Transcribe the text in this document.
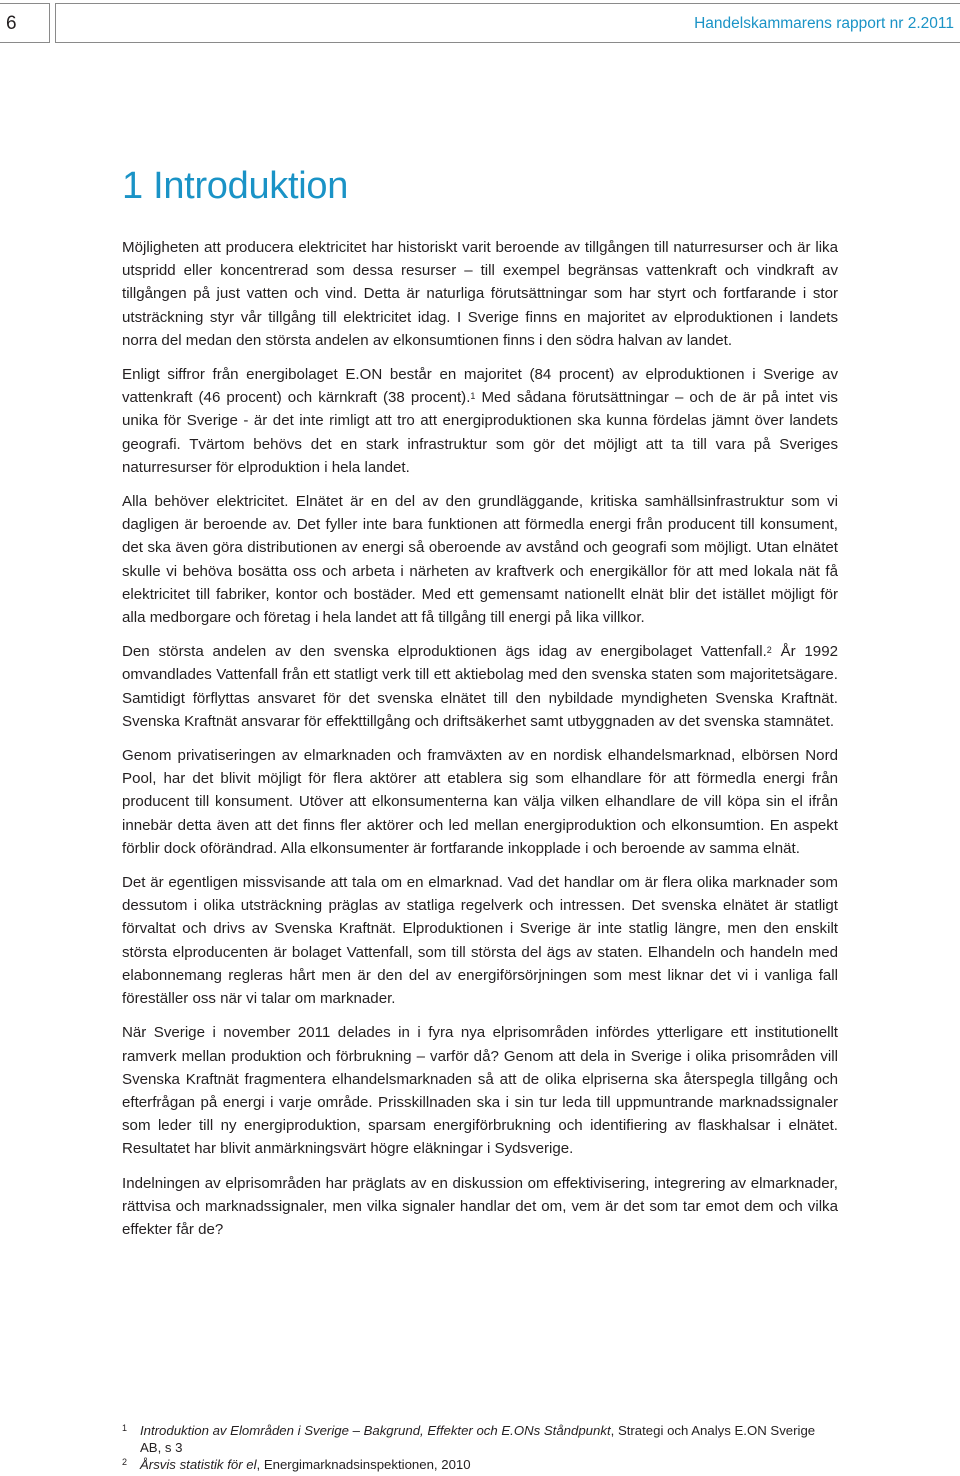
6	Handelskammarens rapport nr 2.2011
1 Introduktion

Möjligheten att producera elektricitet har historiskt varit beroende av tillgången till naturresurser och är lika utspridd eller koncentrerad som dessa resurser – till exempel begränsas vattenkraft och vindkraft av tillgången på just vatten och vind. Detta är naturliga förutsättningar som har styrt och fortfarande i stor utsträckning styr vår tillgång till elektricitet idag. I Sverige finns en majoritet av elproduktionen i landets norra del medan den största andelen av elkonsumtionen finns i den södra halvan av landet.

Enligt siffror från energibolaget E.ON består en majoritet (84 procent) av elproduktionen i Sverige av vattenkraft (46 procent) och kärnkraft (38 procent).$^1$ Med sådana förutsättningar – och de är på intet vis unika för Sverige - är det inte rimligt att tro att energiproduktionen ska kunna fördelas jämnt över landets geografi. Tvärtom behövs det en stark infrastruktur som gör det möjligt att ta till vara på Sveriges naturresurser för elproduktion i hela landet.

Alla behöver elektricitet. Elnätet är en del av den grundläggande, kritiska samhällsinfrastruktur som vi dagligen är beroende av. Det fyller inte bara funktionen att förmedla energi från producent till konsument, det ska även göra distributionen av energi så oberoende av avstånd och geografi som möjligt. Utan elnätet skulle vi behöva bosätta oss och arbeta i närheten av kraftverk och energikällor för att med lokala nät få elektricitet till fabriker, kontor och bostäder. Med ett gemensamt nationellt elnät blir det istället möjligt för alla medborgare och företag i hela landet att få tillgång till energi på lika villkor.

Den största andelen av den svenska elproduktionen ägs idag av energibolaget Vattenfall.$^2$ År 1992 omvandlades Vattenfall från ett statligt verk till ett aktiebolag med den svenska staten som majoritetsägare. Samtidigt förflyttas ansvaret för det svenska elnätet till den nybildade myndigheten Svenska Kraftnät. Svenska Kraftnät ansvarar för effekttillgång och driftsäkerhet samt utbyggnaden av det svenska stamnätet.

Genom privatiseringen av elmarknaden och framväxten av en nordisk elhandelsmarknad, elbörsen Nord Pool, har det blivit möjligt för flera aktörer att etablera sig som elhandlare för att förmedla energi från producent till konsument. Utöver att elkonsumenterna kan välja vilken elhandlare de vill köpa sin el ifrån innebär detta även att det finns fler aktörer och led mellan energiproduktion och elkonsumtion. En aspekt förblir dock oförändrad. Alla elkonsumenter är fortfarande inkopplade i och beroende av samma elnät.

Det är egentligen missvisande att tala om en elmarknad. Vad det handlar om är flera olika marknader som dessutom i olika utsträckning präglas av statliga regelverk och intressen. Det svenska elnätet är statligt förvaltat och drivs av Svenska Kraftnät. Elproduktionen i Sverige är inte statlig längre, men den enskilt största elproducenten är bolaget Vattenfall, som till största del ägs av staten. Elhandeln och handeln med elabonnemang regleras hårt men är den del av energiförsörjningen som mest liknar det vi i vanliga fall föreställer oss när vi talar om marknader.

När Sverige i november 2011 delades in i fyra nya elprisområden infördes ytterligare ett institutionellt ramverk mellan produktion och förbrukning – varför då? Genom att dela in Sverige i olika prisområden vill Svenska Kraftnät fragmentera elhandelsmarknaden så att de olika elpriserna ska återspegla tillgång och efterfrågan på energi i varje område. Prisskillnaden ska i sin tur leda till uppmuntrande marknadssignaler som leder till ny energiproduktion, sparsam energiförbrukning och identifiering av flaskhalsar i elnätet. Resultatet har blivit anmärkningsvärt högre eläkningar i Sydsverige.

Indelningen av elprisområden har präglats av en diskussion om effektivisering, integrering av elmarknader, rättvisa och marknadssignaler, men vilka signaler handlar det om, vem är det som tar emot dem och vilka effekter får de?

1 Introduktion av Elområden i Sverige – Bakgrund, Effekter och E.ONs Ståndpunkt, Strategi och Analys E.ON Sverige AB, s 3

2 Årsvis statistik för el, Energimarknadsinspektionen, 2010
